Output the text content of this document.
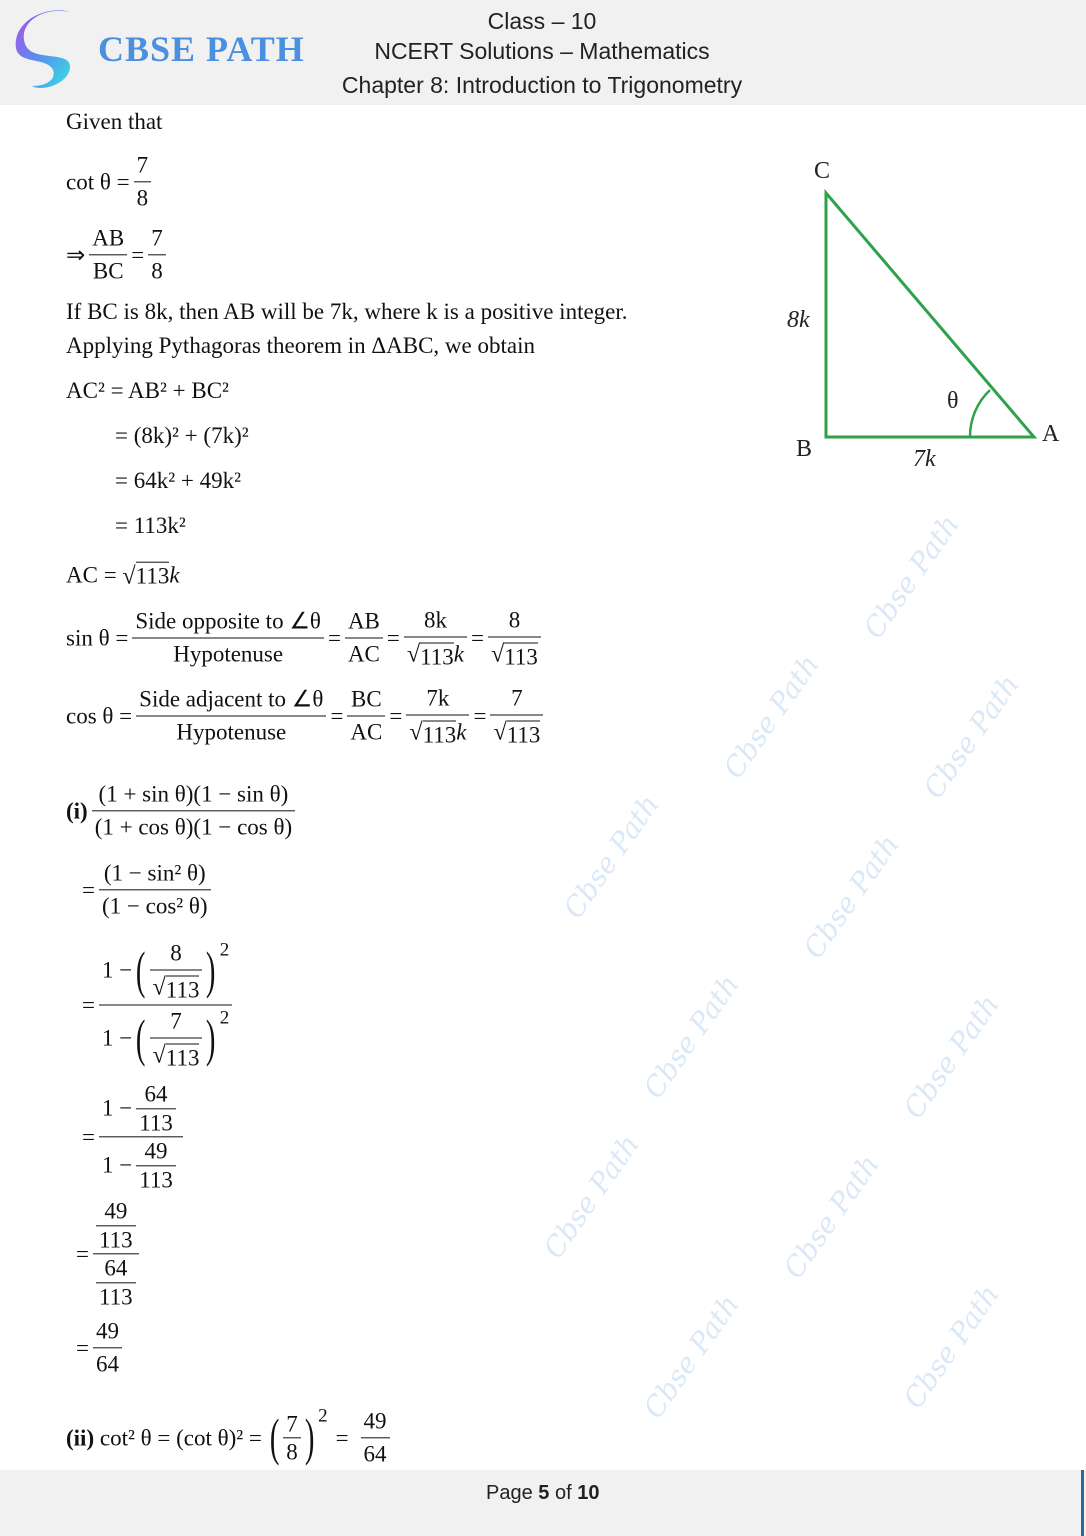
CBSE PATH
Class – 10
NCERT Solutions – Mathematics
Chapter 8: Introduction to Trigonometry
Cbse Path
Cbse Path	Cbse Path
Cbse Path	Cbse Path
Cbse Path	Cbse Path
Cbse Path	Cbse Path
Cbse Path	Cbse Path
Given that
$\cot \theta = \frac{7}{8}$
⇒ $\frac{AB}{BC} = \frac{7}{8}$
If BC is 8k, then AB will be 7k, where k is a positive integer.
Applying Pythagoras theorem in ΔABC, we obtain
AC² = AB² + BC²
= (8k)² + (7k)²
= 64k² + 49k²
= 113k²
AC =
√ 113 k
$\sin \theta = \frac{\text{Side opposite to ∠θ}}{\text{Hypotenuse}} = \frac{AB}{AC} = \frac{8k}{√ 113 k} = \frac{8}{√ 113}$
$\cos \theta = \frac{\text{Side adjacent to ∠θ}}{\text{Hypotenuse}} = \frac{BC}{AC} = \frac{7k}{√ 113 k} = \frac{7}{√ 113}$
$(i) \frac{\text{(1 + sin θ)(1 − sin θ)}}{\text{(1 + cos θ)(1 − cos θ)}}$
= $\frac{\text{(1 − sin² θ)}}{\text{(1 − cos² θ)}}$
= $\frac{1 - ( \frac{8}{√ 113} )^2}{1 - ( \frac{7}{√ 113} )^2}$
= $\frac{1 - \frac{64}{113}}{1 - \frac{49}{113}}$
= $\frac{\frac{49}{113}}{\frac{64}{113}}$
= $\frac{49}{64}$
(ii)
cot² θ = (cot θ)² = ( $\frac{7}{8} )^2$
= $\frac{49}{64}$
C
B
A
8k
7k
θ
Page 5 of 10
